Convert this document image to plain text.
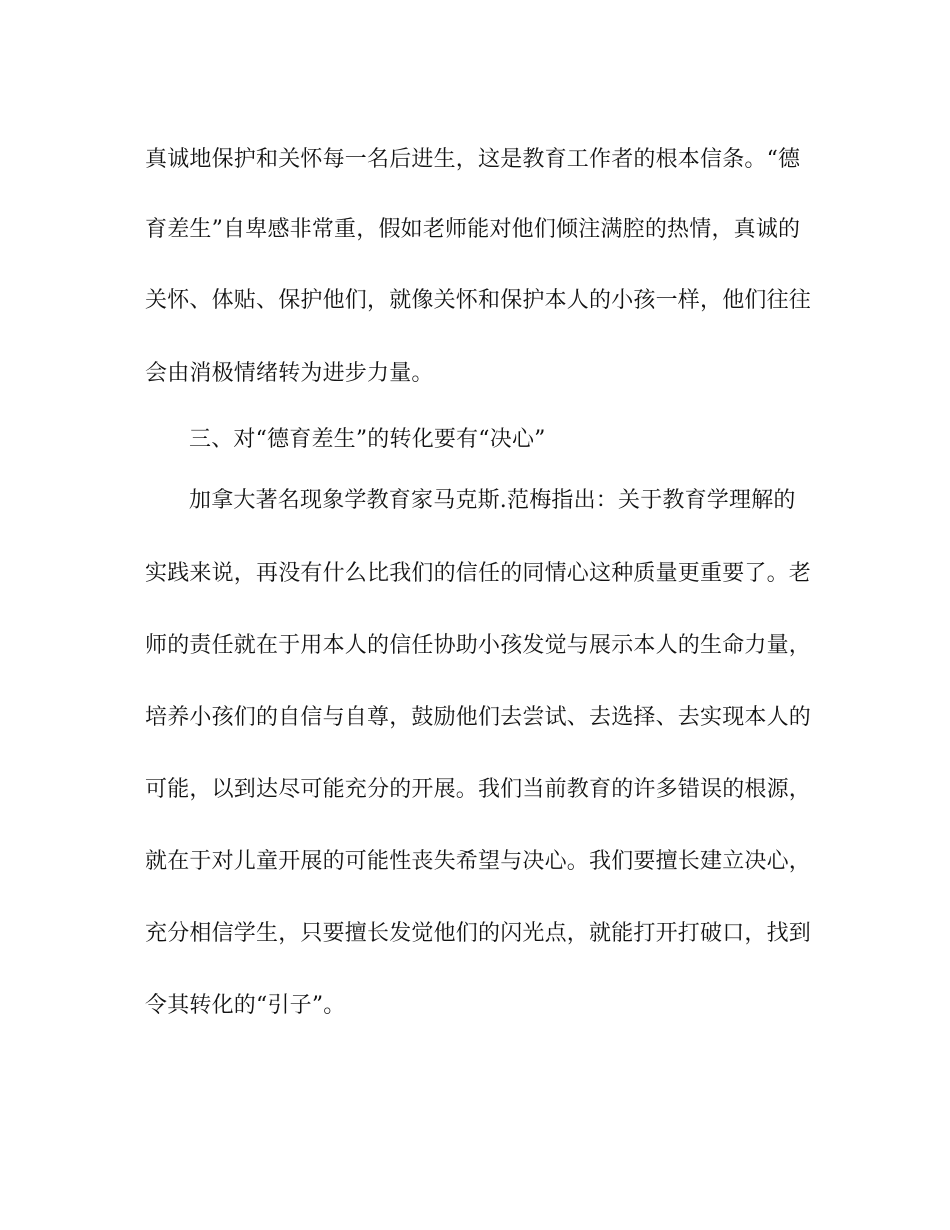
真诚地保护和关怀每一名后进生，这是教育工作者的根本信条。“德
育差生”自卑感非常重，假如老师能对他们倾注满腔的热情，真诚的
关怀、体贴、保护他们，就像关怀和保护本人的小孩一样，他们往往
会由消极情绪转为进步力量。
三、对“德育差生”的转化要有“决心”
加拿大著名现象学教育家马克斯.范梅指出：关于教育学理解的
实践来说，再没有什么比我们的信任的同情心这种质量更重要了。老
师的责任就在于用本人的信任协助小孩发觉与展示本人的生命力量，
培养小孩们的自信与自尊，鼓励他们去尝试、去选择、去实现本人的
可能，以到达尽可能充分的开展。我们当前教育的许多错误的根源，
就在于对儿童开展的可能性丧失希望与决心。我们要擅长建立决心，
充分相信学生，只要擅长发觉他们的闪光点，就能打开打破口，找到
令其转化的“引子”。
